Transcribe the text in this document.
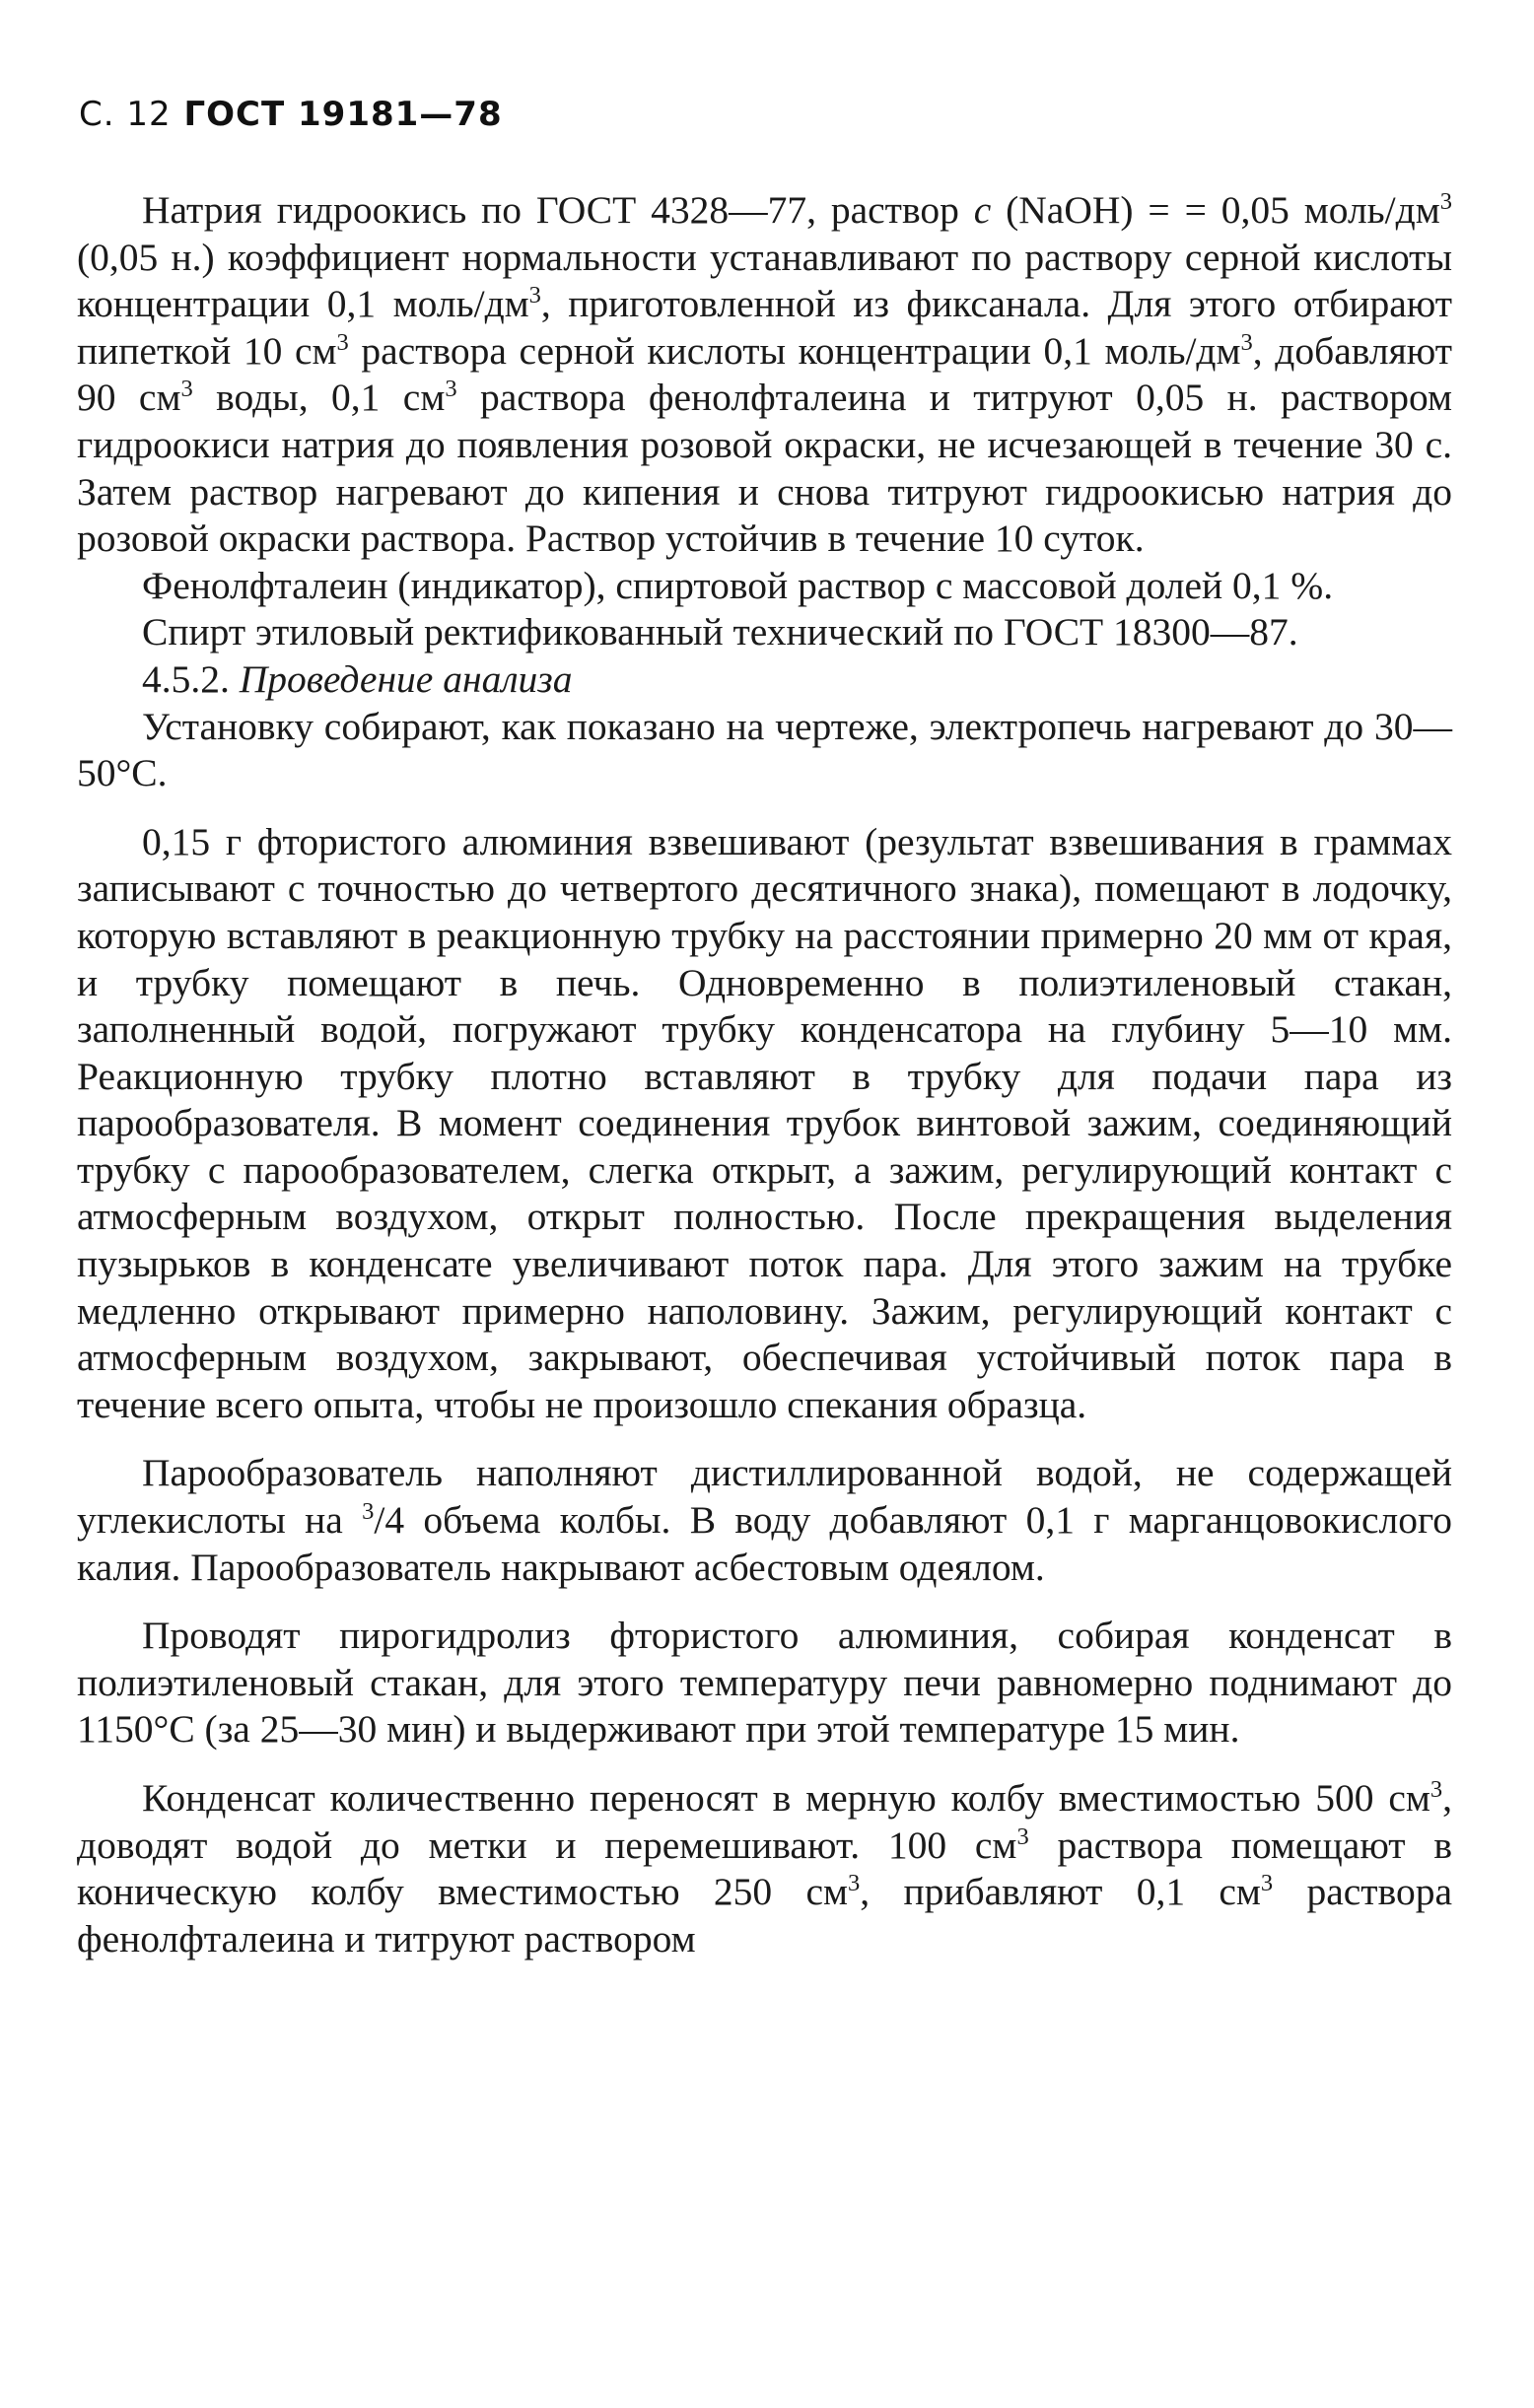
С. 12 ГОСТ 19181—78

Натрия гидроокись по ГОСТ 4328—77, раствор c (NaOH) = = 0,05 моль/$дм^3$ (0,05 н.) коэффициент нормальности устанавливают по раствору серной кислоты концентрации 0,1 моль/$дм^3$, приготовленной из фиксанала. Для этого отбирают пипеткой 10 $см^3$ раствора серной кислоты концентрации 0,1 моль/$дм^3$, добавляют 90 $см^3$ воды, 0,1 $см^3$ раствора фенолфталеина и титруют 0,05 н. раствором гидроокиси натрия до появления розовой окраски, не исчезающей в течение 30 с. Затем раствор нагревают до кипения и снова титруют гидроокисью натрия до розовой окраски раствора. Раствор устойчив в течение 10 суток.

Фенолфталеин (индикатор), спиртовой раствор с массовой долей 0,1 %.

Спирт этиловый ректификованный технический по ГОСТ 18300—87.

4.5.2. Проведение анализа

Установку собирают, как показано на чертеже, электропечь нагревают до 30—50°С.

0,15 г фтористого алюминия взвешивают (результат взвешивания в граммах записывают с точностью до четвертого десятичного знака), помещают в лодочку, которую вставляют в реакционную трубку на расстоянии примерно 20 мм от края, и трубку помещают в печь. Одновременно в полиэтиленовый стакан, заполненный водой, погружают трубку конденсатора на глубину 5—10 мм. Реакционную трубку плотно вставляют в трубку для подачи пара из парообразователя. В момент соединения трубок винтовой зажим, соединяющий трубку с парообразователем, слегка открыт, а зажим, регулирующий контакт с атмосферным воздухом, открыт полностью. После прекращения выделения пузырьков в конденсате увеличивают поток пара. Для этого зажим на трубке медленно открывают примерно наполовину. Зажим, регулирующий контакт с атмосферным воздухом, закрывают, обеспечивая устойчивый поток пара в течение всего опыта, чтобы не произошло спекания образца.

Парообразователь наполняют дистиллированной водой, не содержащей углекислоты на $^3$/4 объема колбы. В воду добавляют 0,1 г марганцовокислого калия. Парообразователь накрывают асбестовым одеялом.

Проводят пирогидролиз фтористого алюминия, собирая конденсат в полиэтиленовый стакан, для этого температуру печи равномерно поднимают до 1150°С (за 25—30 мин) и выдерживают при этой температуре 15 мин.

Конденсат количественно переносят в мерную колбу вместимостью 500 $см^3$, доводят водой до метки и перемешивают. 100 $см^3$ раствора помещают в коническую колбу вместимостью 250 $см^3$, прибавляют 0,1 $см^3$ раствора фенолфталеина и титруют раствором
